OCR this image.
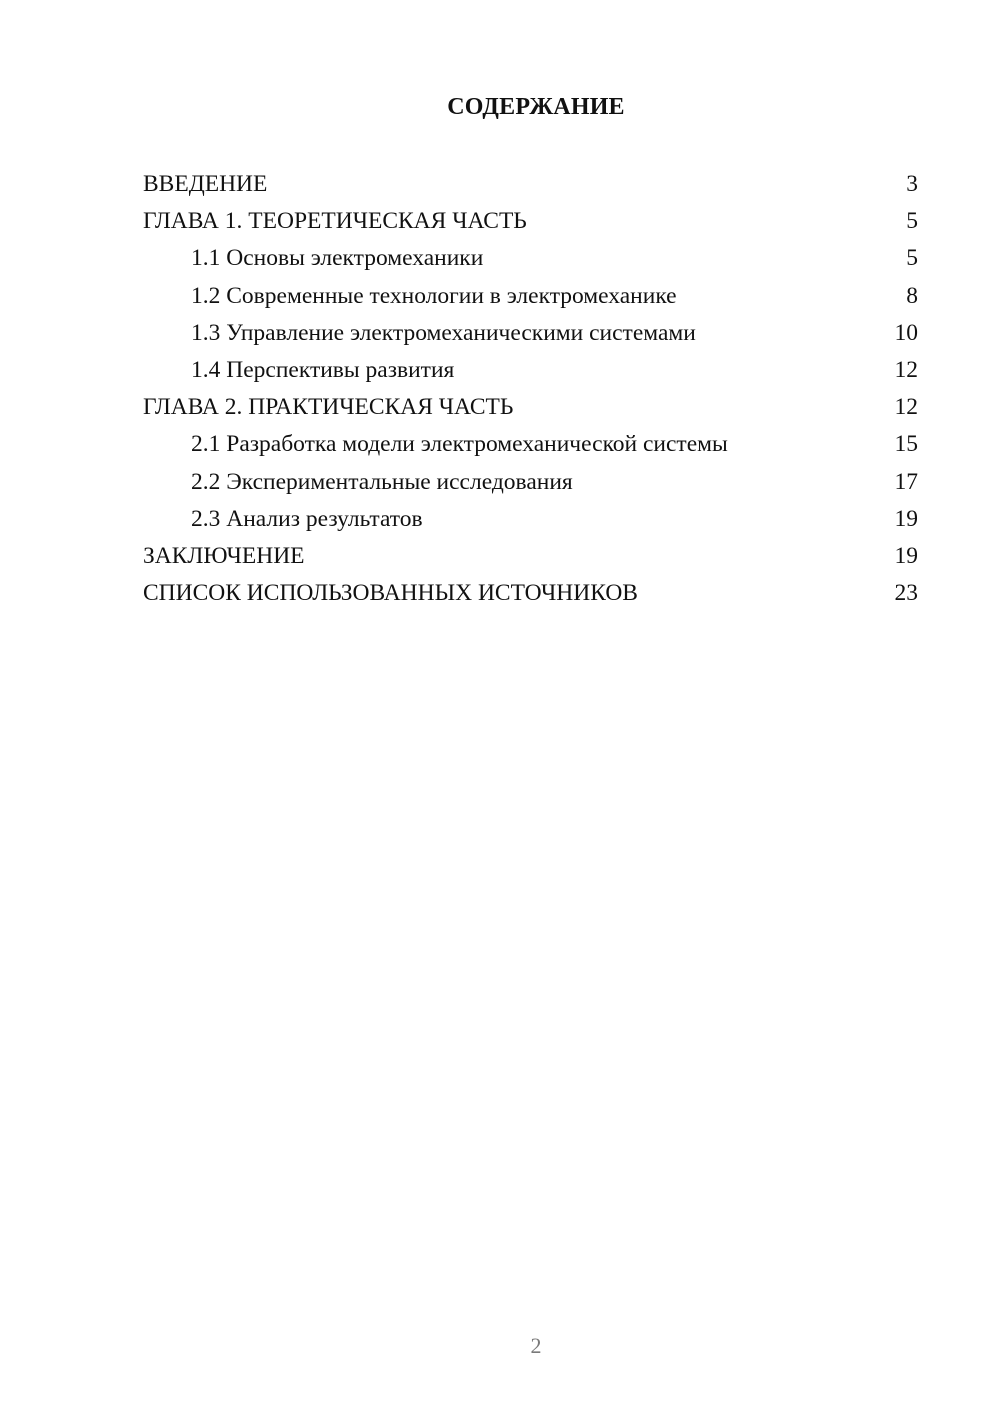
СОДЕРЖАНИЕ
ВВЕДЕНИЕ	3
ГЛАВА 1. ТЕОРЕТИЧЕСКАЯ ЧАСТЬ	5
1.1 Основы электромеханики	5
1.2 Современные технологии в электромеханике	8
1.3 Управление электромеханическими системами	10
1.4 Перспективы развития	12
ГЛАВА 2. ПРАКТИЧЕСКАЯ ЧАСТЬ	12
2.1 Разработка модели электромеханической системы	15
2.2 Экспериментальные исследования	17
2.3 Анализ результатов	19
ЗАКЛЮЧЕНИЕ	19
СПИСОК ИСПОЛЬЗОВАННЫХ ИСТОЧНИКОВ	23
2
